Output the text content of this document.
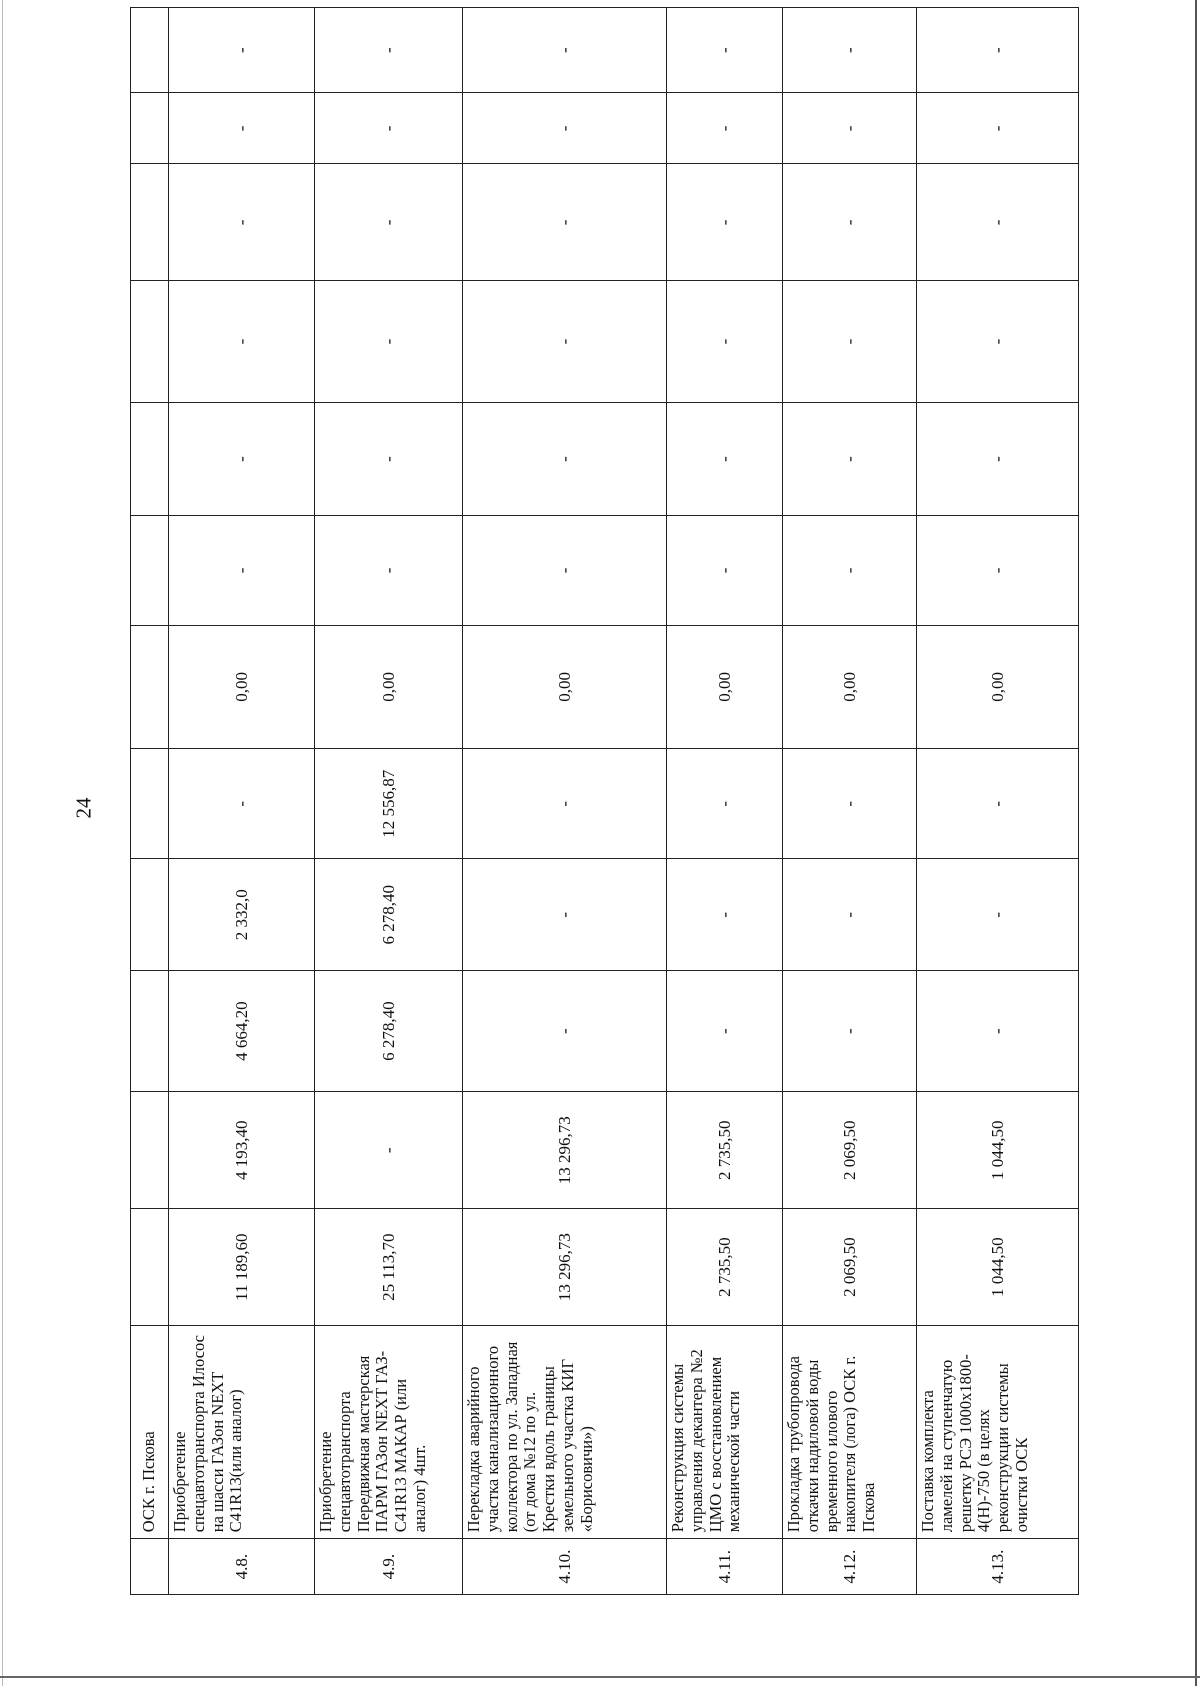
24
	ОСК г. Пскова												
4.8.	Приобретение спецавтотранспорта Илосос на шасси ГАЗон NEXT C41R13(или аналог)	11 189,60	4 193,40	4 664,20	2 332,0	-	0,00	-	-	-	-	-	-
4.9.	Приобретение спецавтотранспорта Передвижная мастерская ПАРМ ГАЗон NEXT ГАЗ-C41R13 МАКАР (или аналог) 4шт.	25 113,70	-	6 278,40	6 278,40	12 556,87	0,00	-	-	-	-	-	-
4.10.	Перекладка аварийного участка канализационного коллектора по ул. Западная (от дома №12 по ул. Крестки вдоль границы земельного участка КИГ «Борисовичи»)	13 296,73	13 296,73	-	-	-	0,00	-	-	-	-	-	-
4.11.	Реконструкция системы управления декантера №2 ЦМО с восстановлением механической части	2 735,50	2 735,50	-	-	-	0,00	-	-	-	-	-	-
4.12.	Прокладка трубопровода откачки надиловой воды временного илового накопителя (лога) ОСК г. Пскова	2 069,50	2 069,50	-	-	-	0,00	-	-	-	-	-	-
4.13.	Поставка комплекта ламелей на ступенчатую решетку РСЭ 1000х1800-4(Н)-750 (в целях реконструкции системы очистки ОСК	1 044,50	1 044,50	-	-	-	0,00	-	-	-	-	-	-
